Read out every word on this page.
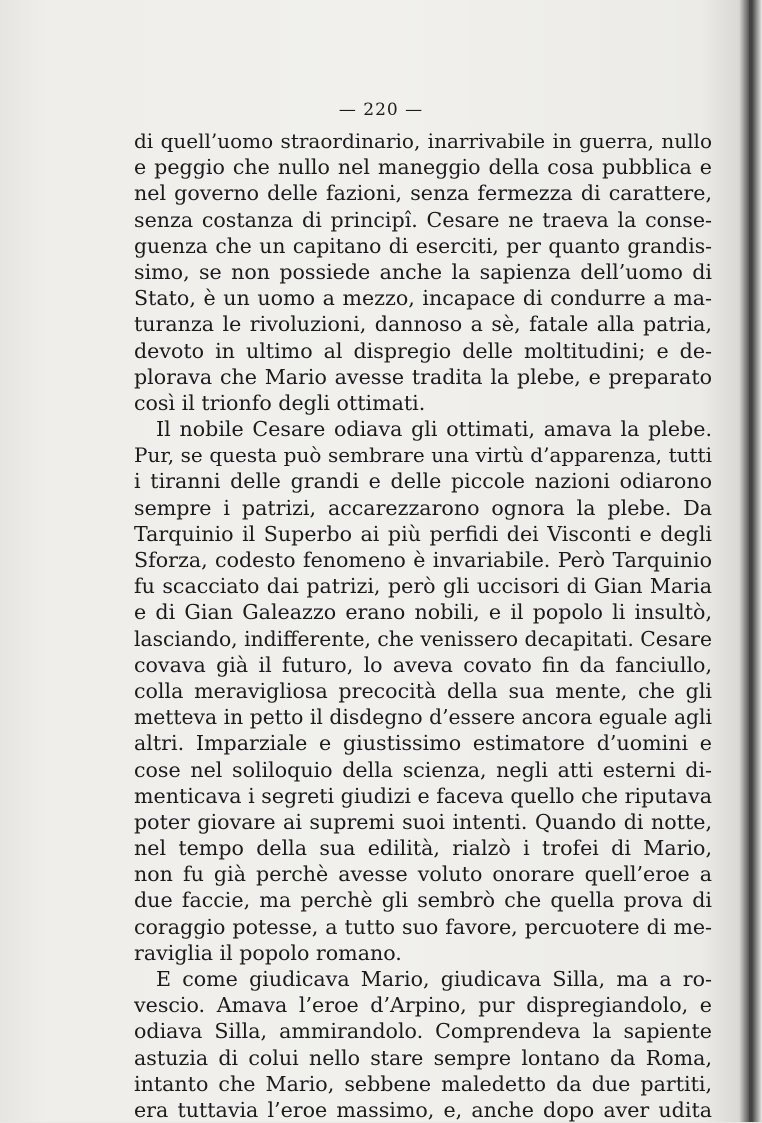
— 220 —
di quell’uomo straordinario, inarrivabile in guerra, nullo
e peggio che nullo nel maneggio della cosa pubblica e
nel governo delle fazioni, senza fermezza di carattere,
senza costanza di principî. Cesare ne traeva la conse-
guenza che un capitano di eserciti, per quanto grandis-
simo, se non possiede anche la sapienza dell’uomo di
Stato, è un uomo a mezzo, incapace di condurre a ma-
turanza le rivoluzioni, dannoso a sè, fatale alla patria,
devoto in ultimo al dispregio delle moltitudini; e de-
plorava che Mario avesse tradita la plebe, e preparato
così il trionfo degli ottimati.
Il nobile Cesare odiava gli ottimati, amava la plebe.
Pur, se questa può sembrare una virtù d’apparenza, tutti
i tiranni delle grandi e delle piccole nazioni odiarono
sempre i patrizi, accarezzarono ognora la plebe. Da
Tarquinio il Superbo ai più perfidi dei Visconti e degli
Sforza, codesto fenomeno è invariabile. Però Tarquinio
fu scacciato dai patrizi, però gli uccisori di Gian Maria
e di Gian Galeazzo erano nobili, e il popolo li insultò,
lasciando, indifferente, che venissero decapitati. Cesare
covava già il futuro, lo aveva covato fin da fanciullo,
colla meravigliosa precocità della sua mente, che gli
metteva in petto il disdegno d’essere ancora eguale agli
altri. Imparziale e giustissimo estimatore d’uomini e
cose nel soliloquio della scienza, negli atti esterni di-
menticava i segreti giudizi e faceva quello che riputava
poter giovare ai supremi suoi intenti. Quando di notte,
nel tempo della sua edilità, rialzò i trofei di Mario,
non fu già perchè avesse voluto onorare quell’eroe a
due faccie, ma perchè gli sembrò che quella prova di
coraggio potesse, a tutto suo favore, percuotere di me-
raviglia il popolo romano.
E come giudicava Mario, giudicava Silla, ma a ro-
vescio. Amava l’eroe d’Arpino, pur dispregiandolo, e
odiava Silla, ammirandolo. Comprendeva la sapiente
astuzia di colui nello stare sempre lontano da Roma,
intanto che Mario, sebbene maledetto da due partiti,
era tuttavia l’eroe massimo, e, anche dopo aver udita
